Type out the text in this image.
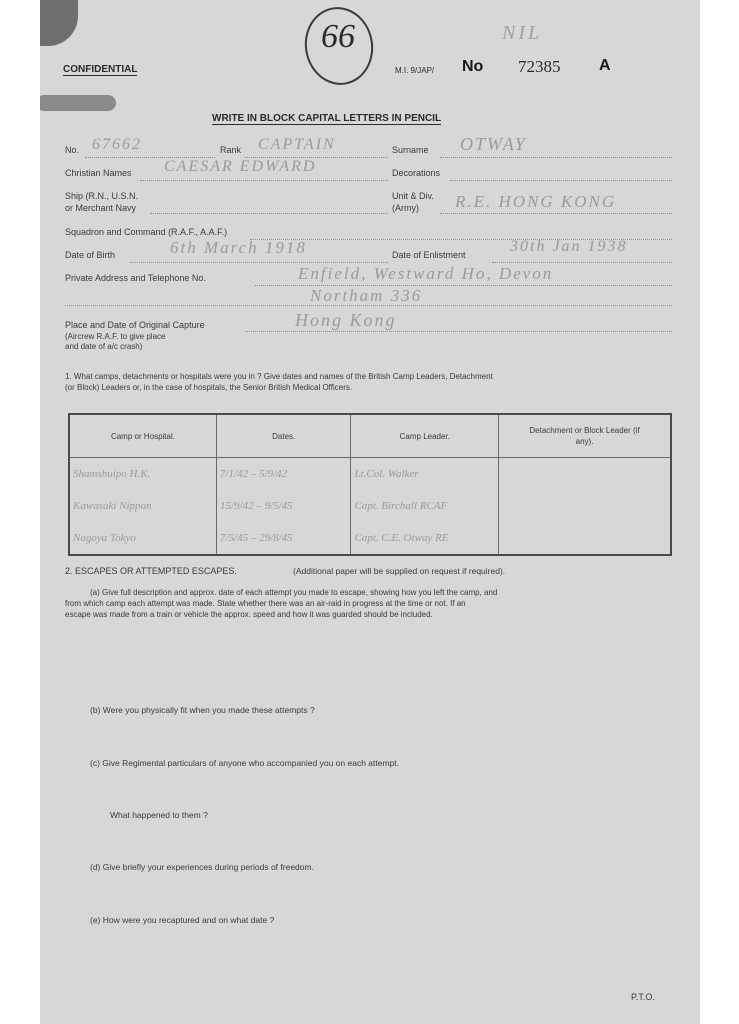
66	NIL
CONFIDENTIAL	M.I. 9/JAP/ No 72385 A
WRITE IN BLOCK CAPITAL LETTERS IN PENCIL
No. 67662	Rank CAPTAIN	Surname OTWAY
Christian Names CAESAR EDWARD	Decorations
Ship (R.N., U.S.N.
or Merchant Navy
Unit & Div.
(Army) R.E. HONG KONG
Squadron and Command (R.A.F., A.A.F.)
Date of Birth	6th March 1918	Date of Enlistment	30th Jan 1938
Private Address and Telephone No.	Enfield, Westward Ho, Devon
Northam 336
Place and Date of Original Capture
(Aircrew R.A.F. to give place
and date of a/c crash)
Hong Kong
1. What camps, detachments or hospitals were you in ? Give dates and names of the British Camp Leaders, Detachment
(or Block) Leaders or, in the case of hospitals, the Senior British Medical Officers.
Camp or Hospital.	Dates.	Camp Leader.	Detachment or Block Leader (if any).
Shamshuipo H.K.	7/1/42 – 5/9/42	Lt.Col. Walker	
Kawasaki Nippon	15/9/42 – 9/5/45	Capt. Birchall RCAF	
Nagoya Tokyo	7/5/45 – 29/8/45	Capt. C.E. Otway RE	
2. ESCAPES OR ATTEMPTED ESCAPES.	(Additional paper will be supplied on request if required).
(a) Give full description and approx. date of each attempt you made to escape, showing how you left the camp, and
from which camp each attempt was made. State whether there was an air-raid in progress at the time or not. If an
escape was made from a train or vehicle the approx. speed and how it was guarded should be included.
(b) Were you physically fit when you made these attempts ?
(c) Give Regimental particulars of anyone who accompanied you on each attempt.
What happened to them ?
(d) Give briefly your experiences during periods of freedom.
(e) How were you recaptured and on what date ?
P.T.O.
